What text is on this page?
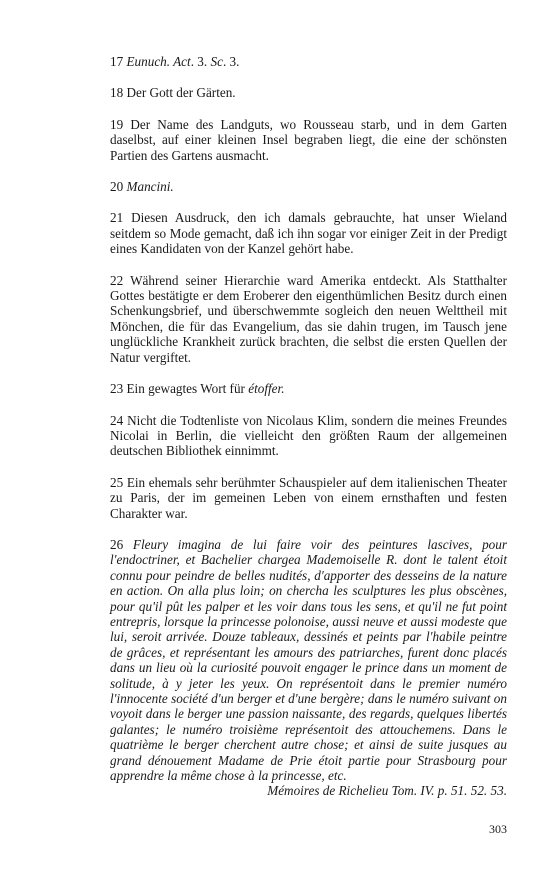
17 Eunuch. Act. 3. Sc. 3.

18 Der Gott der Gärten.

19 Der Name des Landguts, wo Rousseau starb, und in dem Garten daselbst, auf einer kleinen Insel begraben liegt, die eine der schönsten Partien des Gartens ausmacht.

20 Mancini.

21 Diesen Ausdruck, den ich damals gebrauchte, hat unser Wieland seitdem so Mode gemacht, daß ich ihn sogar vor einiger Zeit in der Predigt eines Kandidaten von der Kanzel gehört habe.

22 Während seiner Hierarchie ward Amerika entdeckt. Als Statthalter Gottes bestätigte er dem Eroberer den eigenthümlichen Besitz durch einen Schenkungsbrief, und überschwemmte sogleich den neuen Welttheil mit Mönchen, die für das Evangelium, das sie dahin trugen, im Tausch jene unglückliche Krankheit zurück brachten, die selbst die ersten Quellen der Natur vergiftet.

23 Ein gewagtes Wort für étoffer.

24 Nicht die Todtenliste von Nicolaus Klim, sondern die meines Freundes Nicolai in Berlin, die vielleicht den größten Raum der allgemeinen deutschen Bibliothek einnimmt.

25 Ein ehemals sehr berühmter Schauspieler auf dem italienischen Theater zu Paris, der im gemeinen Leben von einem ernsthaften und festen Charakter war.

26 Fleury imagina de lui faire voir des peintures lascives, pour l'endoctriner, et Bachelier chargea Mademoiselle R. dont le talent étoit connu pour peindre de belles nudités, d'apporter des desseins de la nature en action. On alla plus loin; on chercha les sculptures les plus obscènes, pour qu'il pût les palper et les voir dans tous les sens, et qu'il ne fut point entrepris, lorsque la princesse polonoise, aussi neuve et aussi modeste que lui, seroit arrivée. Douze tableaux, dessinés et peints par l'habile peintre de grâces, et représentant les amours des patriarches, furent donc placés dans un lieu où la curiosité pouvoit engager le prince dans un moment de solitude, à y jeter les yeux. On représentoit dans le premier numéro l'innocente société d'un berger et d'une bergère; dans le numéro suivant on voyoit dans le berger une passion naissante, des regards, quelques libertés galantes; le numéro troisième représentoit des attouchemens. Dans le quatrième le berger cherchent autre chose; et ainsi de suite jusques au grand dénouement Madame de Prie étoit partie pour Strasbourg pour apprendre la même chose à la princesse, etc.

Mémoires de Richelieu Tom. IV. p. 51. 52. 53.
303
